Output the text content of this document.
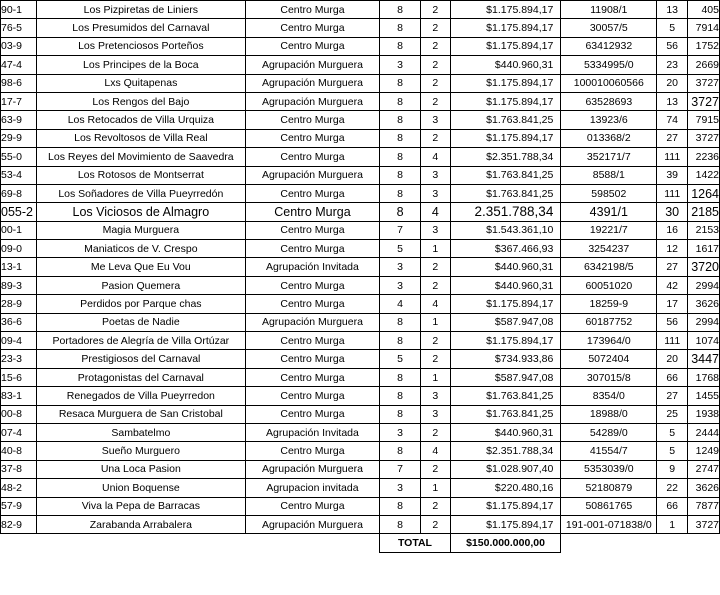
90-1	Los Pizpiretas de Liniers	Centro Murga	8	2	$1.175.894,17	11908/1	13	405
76-5	Los Presumidos del Carnaval	Centro Murga	8	2	$1.175.894,17	30057/5	5	7914
03-9	Los Pretenciosos Porteños	Centro Murga	8	2	$1.175.894,17	63412932	56	1752
47-4	Los Principes de la Boca	Agrupación Murguera	3	2	$440.960,31	5334995/0	23	2669
98-6	Lxs Quitapenas	Agrupación Murguera	8	2	$1.175.894,17	100010060566	20	3727
17-7	Los Rengos del Bajo	Agrupación Murguera	8	2	$1.175.894,17	63528693	13	3727
63-9	Los Retocados de Villa Urquiza	Centro Murga	8	3	$1.763.841,25	13923/6	74	7915
29-9	Los Revoltosos de Villa Real	Centro Murga	8	2	$1.175.894,17	013368/2	27	3727
55-0	Los Reyes del Movimiento de Saavedra	Centro Murga	8	4	$2.351.788,34	352171/7	111	2236
53-4	Los Rotosos de Montserrat	Agrupación Murguera	8	3	$1.763.841,25	8588/1	39	1422
69-8	Los Soñadores de Villa Pueyrredón	Centro Murga	8	3	$1.763.841,25	598502	111	1264
055-2	Los Viciosos de Almagro	Centro Murga	8	4	2.351.788,34	4391/1	30	2185
00-1	Magia Murguera	Centro Murga	7	3	$1.543.361,10	19221/7	16	2153
09-0	Maniaticos de V. Crespo	Centro Murga	5	1	$367.466,93	3254237	12	1617
13-1	Me Leva Que Eu Vou	Agrupación Invitada	3	2	$440.960,31	6342198/5	27	3720
89-3	Pasion Quemera	Centro Murga	3	2	$440.960,31	60051020	42	2994
28-9	Perdidos por Parque chas	Centro Murga	4	4	$1.175.894,17	18259-9	17	3626
36-6	Poetas de Nadie	Agrupación Murguera	8	1	$587.947,08	60187752	56	2994
09-4	Portadores de Alegría de Villa Ortúzar	Centro Murga	8	2	$1.175.894,17	173964/0	111	1074
23-3	Prestigiosos del Carnaval	Centro Murga	5	2	$734.933,86	5072404	20	3447
15-6	Protagonistas del Carnaval	Centro Murga	8	1	$587.947,08	307015/8	66	1768
83-1	Renegados de Villa Pueyrredon	Centro Murga	8	3	$1.763.841,25	8354/0	27	1455
00-8	Resaca Murguera de San Cristobal	Centro Murga	8	3	$1.763.841,25	18988/0	25	1938
07-4	Sambatelmo	Agrupación Invitada	3	2	$440.960,31	54289/0	5	2444
40-8	Sueño Murguero	Centro Murga	8	4	$2.351.788,34	41554/7	5	1249
37-8	Una Loca Pasion	Agrupación Murguera	7	2	$1.028.907,40	5353039/0	9	2747
48-2	Union Boquense	Agrupacion invitada	3	1	$220.480,16	52180879	22	3626
57-9	Viva la Pepa de Barracas	Centro Murga	8	2	$1.175.894,17	50861765	66	7877
82-9	Zarabanda Arrabalera	Agrupación Murguera	8	2	$1.175.894,17	191-001-071838/0	1	3727
			TOTAL		$150.000.000,00			
